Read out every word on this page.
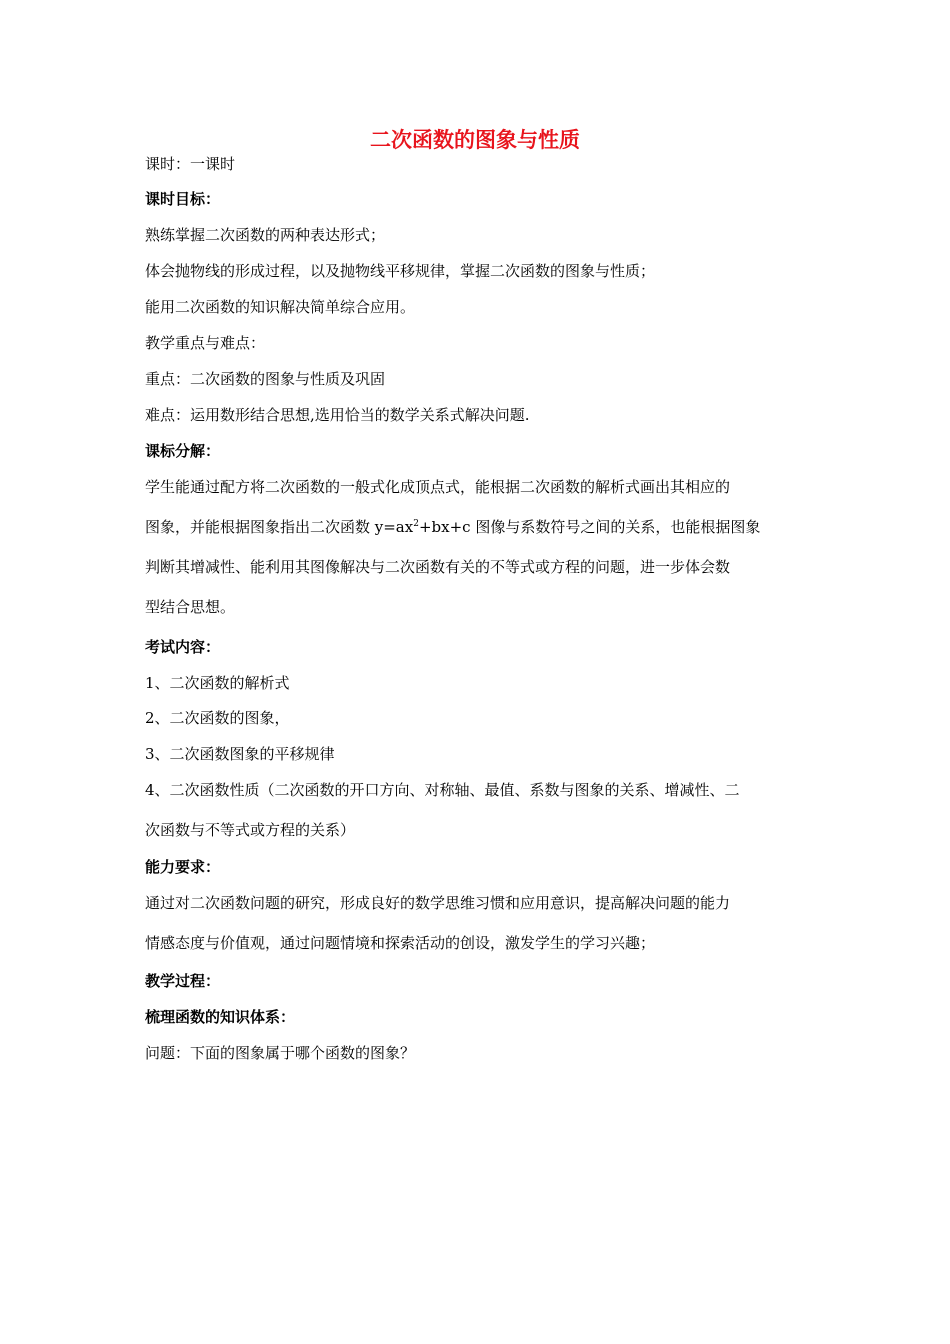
二次函数的图象与性质
课时：一课时
课时目标：
熟练掌握二次函数的两种表达形式；
体会抛物线的形成过程，以及抛物线平移规律，掌握二次函数的图象与性质；
能用二次函数的知识解决简单综合应用。
教学重点与难点：
重点：二次函数的图象与性质及巩固
难点：运用数形结合思想,选用恰当的数学关系式解决问题.
课标分解：
学生能通过配方将二次函数的一般式化成顶点式，能根据二次函数的解析式画出其相应的
图象，并能根据图象指出二次函数 $y=ax^2+bx+c$ 图像与系数符号之间的关系，也能根据图象
判断其增减性、能利用其图像解决与二次函数有关的不等式或方程的问题，进一步体会数
型结合思想。
考试内容：
1、二次函数的解析式
2、二次函数的图象，
3、二次函数图象的平移规律
4、二次函数性质（二次函数的开口方向、对称轴、最值、系数与图象的关系、增减性、二
次函数与不等式或方程的关系）
能力要求：
通过对二次函数问题的研究，形成良好的数学思维习惯和应用意识，提高解决问题的能力
情感态度与价值观，通过问题情境和探索活动的创设，激发学生的学习兴趣；
教学过程：
梳理函数的知识体系：
问题：下面的图象属于哪个函数的图象？
